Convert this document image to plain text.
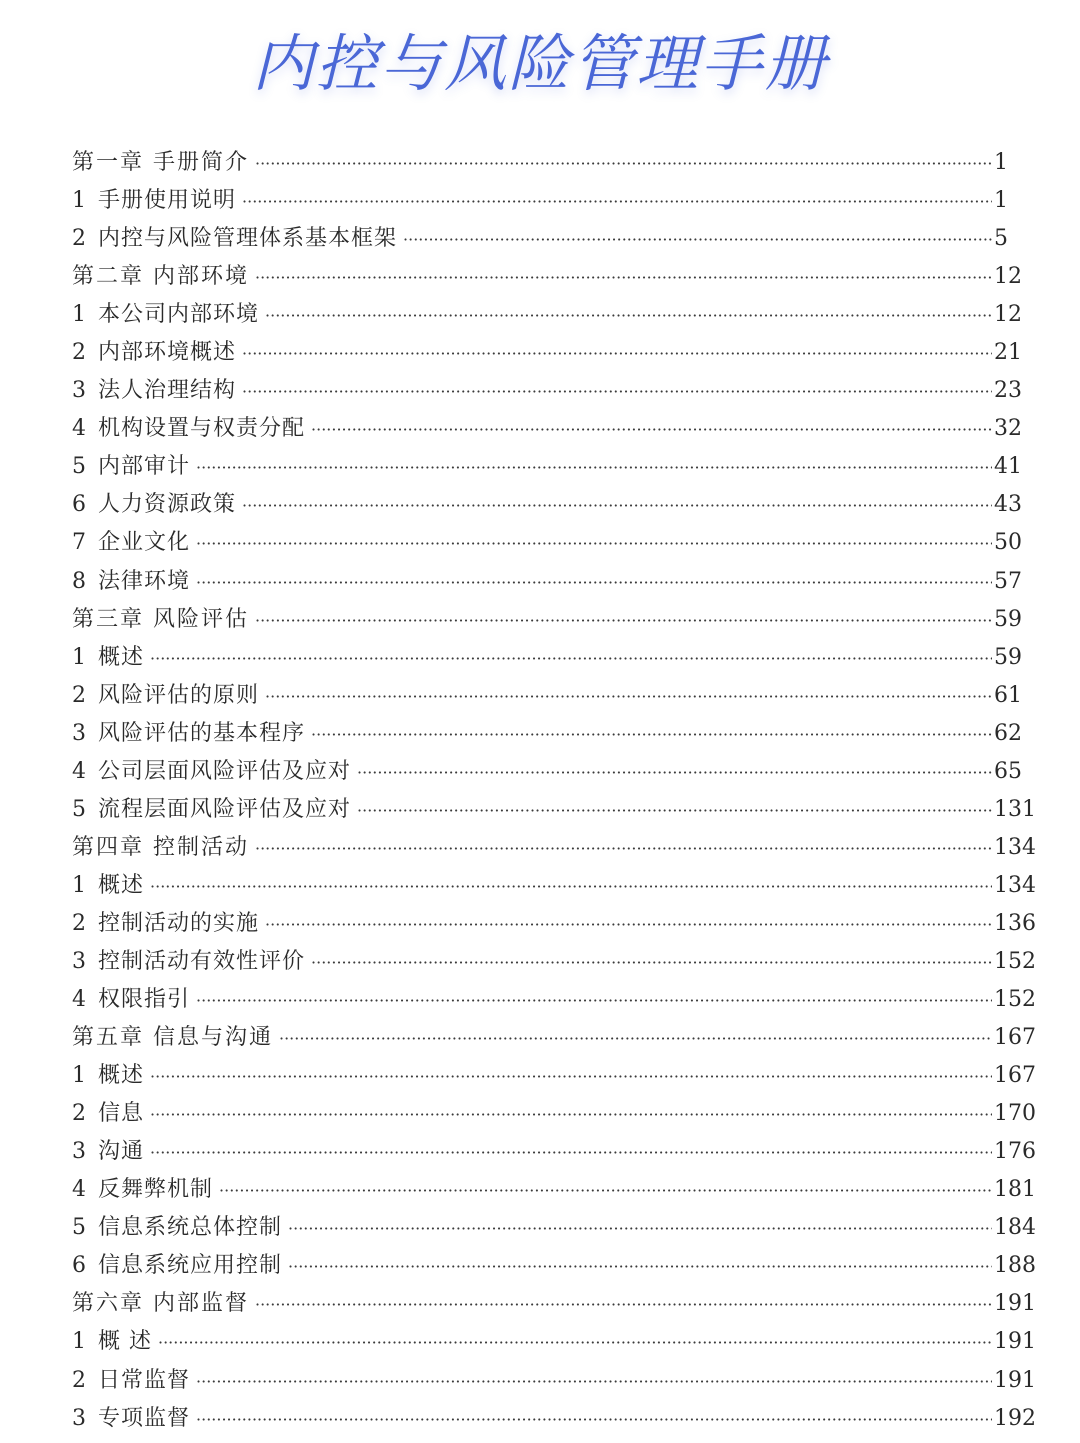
内控与风险管理手册
第一章 手册简介 ·····	1
1 手册使用说明 ·····	1
2 内控与风险管理体系基本框架 ·····	5
第二章 内部环境 ·····	12
1 本公司内部环境 ·····	12
2 内部环境概述 ·····	21
3 法人治理结构 ·····	23
4 机构设置与权责分配 ·····	32
5 内部审计 ·····	41
6 人力资源政策 ·····	43
7 企业文化 ·····	50
8 法律环境 ·····	57
第三章 风险评估 ·····	59
1 概述 ·····	59
2 风险评估的原则 ·····	61
3 风险评估的基本程序 ·····	62
4 公司层面风险评估及应对 ·····	65
5 流程层面风险评估及应对 ·····	131
第四章 控制活动 ·····	134
1 概述 ·····	134
2 控制活动的实施 ·····	136
3 控制活动有效性评价 ·····	152
4 权限指引 ·····	152
第五章 信息与沟通 ·····	167
1 概述 ·····	167
2 信息 ·····	170
3 沟通 ·····	176
4 反舞弊机制 ·····	181
5 信息系统总体控制 ·····	184
6 信息系统应用控制 ·····	188
第六章 内部监督 ·····	191
1 概 述 ·····	191
2 日常监督 ·····	191
3 专项监督 ·····	192
